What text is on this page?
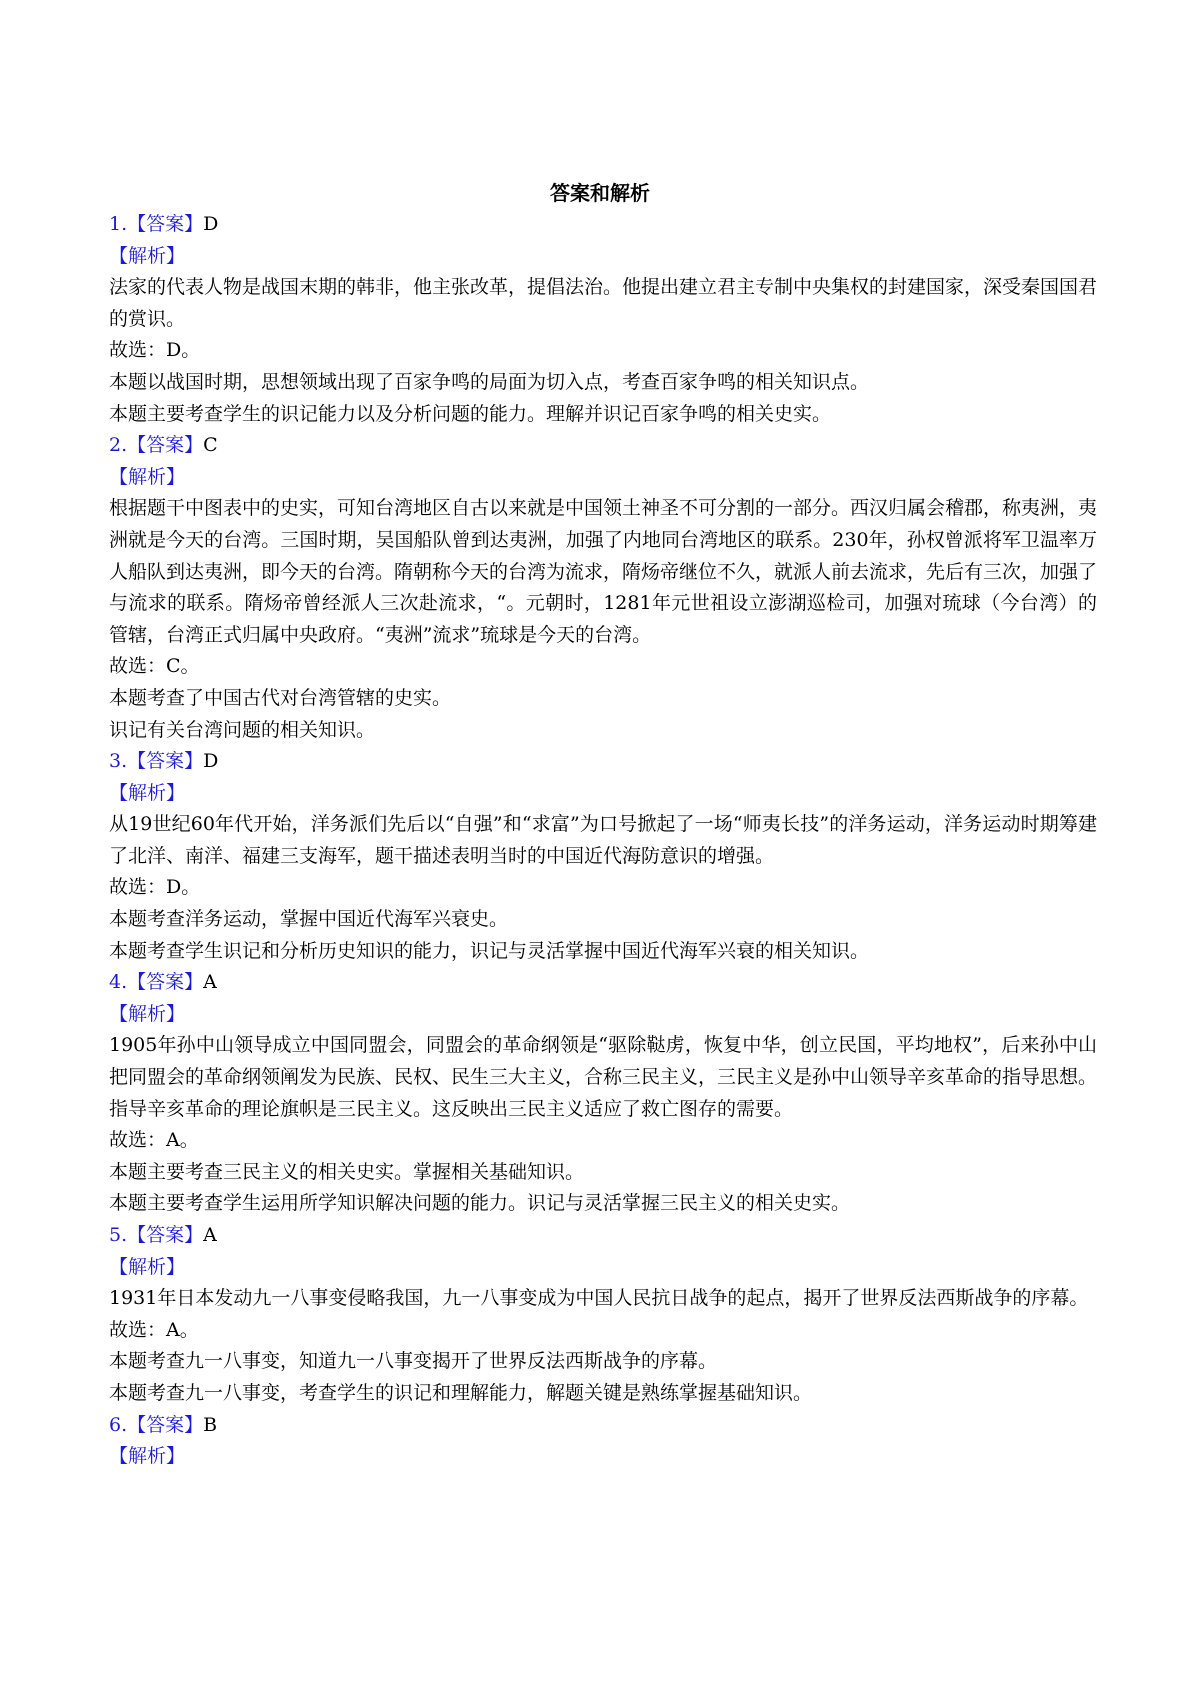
答案和解析

1.【答案】D

【解析】

法家的代表人物是战国末期的韩非，他主张改革，提倡法治。他提出建立君主专制中央集权的封建国家，深受秦国国君的赏识。

故选：D。

本题以战国时期，思想领域出现了百家争鸣的局面为切入点，考查百家争鸣的相关知识点。

本题主要考查学生的识记能力以及分析问题的能力。理解并识记百家争鸣的相关史实。

2.【答案】C

【解析】

根据题干中图表中的史实，可知台湾地区自古以来就是中国领土神圣不可分割的一部分。西汉归属会稽郡，称夷洲，夷洲就是今天的台湾。三国时期，吴国船队曾到达夷洲，加强了内地同台湾地区的联系。230年，孙权曾派将军卫温率万人船队到达夷洲，即今天的台湾。隋朝称今天的台湾为流求，隋炀帝继位不久，就派人前去流求，先后有三次，加强了与流求的联系。隋炀帝曾经派人三次赴流求，“。元朝时，1281年元世祖设立澎湖巡检司，加强对琉球（今台湾）的管辖，台湾正式归属中央政府。“夷洲”流求”琉球是今天的台湾。

故选：C。

本题考查了中国古代对台湾管辖的史实。

识记有关台湾问题的相关知识。

3.【答案】D

【解析】

从19世纪60年代开始，洋务派们先后以“自强”和“求富”为口号掀起了一场“师夷长技”的洋务运动，洋务运动时期筹建了北洋、南洋、福建三支海军，题干描述表明当时的中国近代海防意识的增强。

故选：D。

本题考查洋务运动，掌握中国近代海军兴衰史。

本题考查学生识记和分析历史知识的能力，识记与灵活掌握中国近代海军兴衰的相关知识。

4.【答案】A

【解析】

1905年孙中山领导成立中国同盟会，同盟会的革命纲领是“驱除鞑虏，恢复中华，创立民国，平均地权”，后来孙中山把同盟会的革命纲领阐发为民族、民权、民生三大主义，合称三民主义，三民主义是孙中山领导辛亥革命的指导思想。指导辛亥革命的理论旗帜是三民主义。这反映出三民主义适应了救亡图存的需要。

故选：A。

本题主要考查三民主义的相关史实。掌握相关基础知识。

本题主要考查学生运用所学知识解决问题的能力。识记与灵活掌握三民主义的相关史实。

5.【答案】A

【解析】

1931年日本发动九一八事变侵略我国，九一八事变成为中国人民抗日战争的起点，揭开了世界反法西斯战争的序幕。

故选：A。

本题考查九一八事变，知道九一八事变揭开了世界反法西斯战争的序幕。

本题考查九一八事变，考查学生的识记和理解能力，解题关键是熟练掌握基础知识。

6.【答案】B

【解析】
